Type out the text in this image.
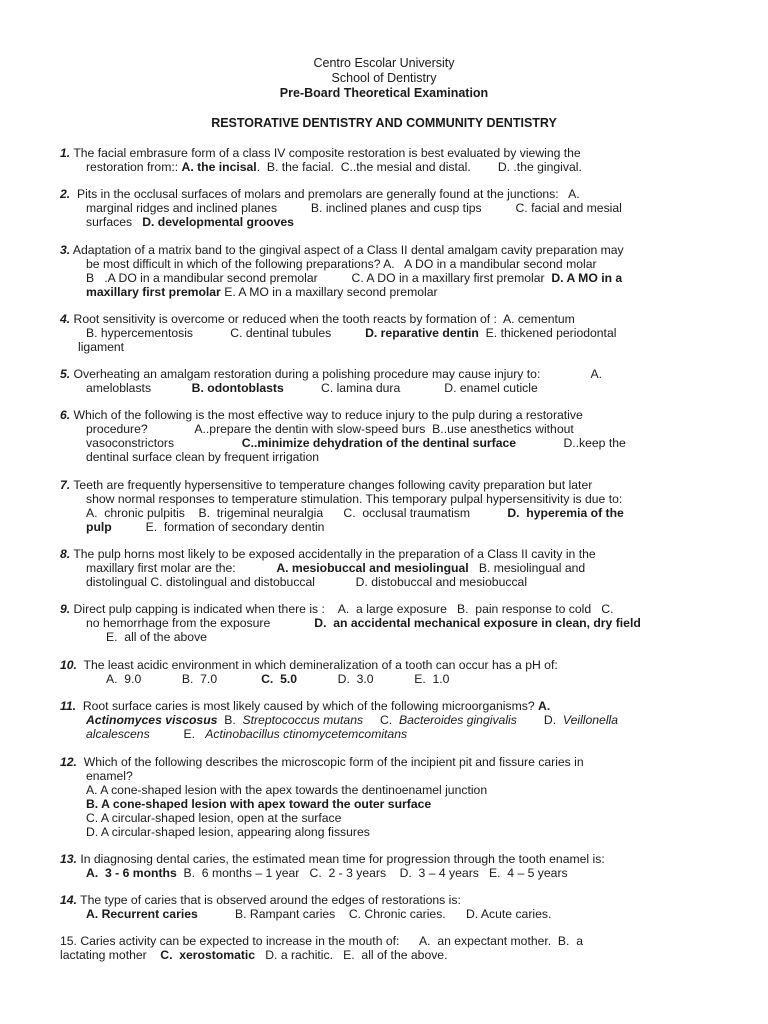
Centro Escolar University
School of Dentistry
Pre-Board Theoretical Examination
RESTORATIVE DENTISTRY AND COMMUNITY DENTISTRY
1. The facial embrasure form of a class IV composite restoration is best evaluated by viewing the
restoration from:: A. the incisal.  B. the facial.  C..the mesial and distal.        D. .the gingival.
2.  Pits in the occlusal surfaces of molars and premolars are generally found at the junctions:   A.
marginal ridges and inclined planes          B. inclined planes and cusp tips          C. facial and mesial
surfaces   D. developmental grooves
3. Adaptation of a matrix band to the gingival aspect of a Class II dental amalgam cavity preparation may
be most difficult in which of the following preparations? A.   A DO in a mandibular second molar
B   .A DO in a mandibular second premolar          C. A DO in a maxillary first premolar  D. A MO in a
maxillary first premolar E. A MO in a maxillary second premolar
4. Root sensitivity is overcome or reduced when the tooth reacts by formation of :  A. cementum
B. hypercementosis           C. dentinal tubules          D. reparative dentin  E. thickened periodontal
ligament
5. Overheating an amalgam restoration during a polishing procedure may cause injury to:               A.
ameloblasts            B. odontoblasts           C. lamina dura             D. enamel cuticle
6. Which of the following is the most effective way to reduce injury to the pulp during a restorative
procedure?              A..prepare the dentin with slow-speed burs  B..use anesthetics without
vasoconstrictors                    C..minimize dehydration of the dentinal surface              D..keep the
dentinal surface clean by frequent irrigation
7. Teeth are frequently hypersensitive to temperature changes following cavity preparation but later
show normal responses to temperature stimulation. This temporary pulpal hypersensitivity is due to:
A.  chronic pulpitis    B.  trigeminal neuralgia      C.  occlusal traumatism           D.  hyperemia of the
pulp          E.  formation of secondary dentin
8. The pulp horns most likely to be exposed accidentally in the preparation of a Class II cavity in the
maxillary first molar are the:            A. mesiobuccal and mesiolingual   B. mesiolingual and
distolingual C. distolingual and distobuccal            D. distobuccal and mesiobuccal
9. Direct pulp capping is indicated when there is :    A.  a large exposure   B.  pain response to cold   C.
no hemorrhage from the exposure             D.  an accidental mechanical exposure in clean, dry field
E.  all of the above
10.  The least acidic environment in which demineralization of a tooth can occur has a pH of:
A.  9.0            B.  7.0             C.  5.0            D.  3.0            E.  1.0
11.  Root surface caries is most likely caused by which of the following microorganisms? A.
Actinomyces viscosus  B.  Streptococcus mutans     C.  Bacteroides gingivalis        D.  Veillonella
alcalescens          E.   Actinobacillus ctinomycetemcomitans
12.  Which of the following describes the microscopic form of the incipient pit and fissure caries in
enamel?
A. A cone-shaped lesion with the apex towards the dentinoenamel junction
B. A cone-shaped lesion with apex toward the outer surface
C. A circular-shaped lesion, open at the surface
D. A circular-shaped lesion, appearing along fissures
13. In diagnosing dental caries, the estimated mean time for progression through the tooth enamel is:
A.  3 - 6 months  B.  6 months – 1 year   C.  2 - 3 years    D.  3 – 4 years   E.  4 – 5 years
14. The type of caries that is observed around the edges of restorations is:
A. Recurrent caries           B. Rampant caries    C. Chronic caries.      D. Acute caries.
15. Caries activity can be expected to increase in the mouth of:      A.  an expectant mother.  B.  a
lactating mother    C.  xerostomatic   D. a rachitic.   E.  all of the above.
